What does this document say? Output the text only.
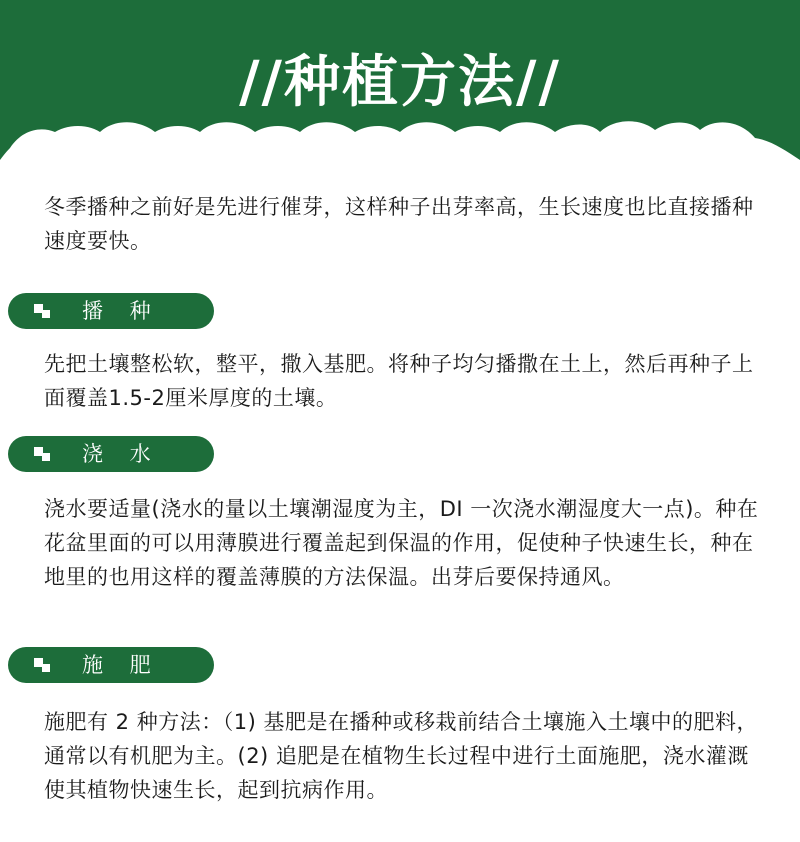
//种植方法//

冬季播种之前好是先进行催芽，这样种子出芽率高，生长速度也比直接播种速度要快。

播 种

先把土壤整松软，整平，撒入基肥。将种子均匀播撒在土上，然后再种子上面覆盖1.5-2厘米厚度的土壤。

浇 水

浇水要适量(浇水的量以土壤潮湿度为主，DI 一次浇水潮湿度大一点)。种在花盆里面的可以用薄膜进行覆盖起到保温的作用，促使种子快速生长，种在地里的也用这样的覆盖薄膜的方法保温。出芽后要保持通风。

施 肥

施肥有 2 种方法：（1) 基肥是在播种或移栽前结合土壤施入土壤中的肥料，通常以有机肥为主。(2) 追肥是在植物生长过程中进行土面施肥，浇水灌溉使其植物快速生长，起到抗病作用。
